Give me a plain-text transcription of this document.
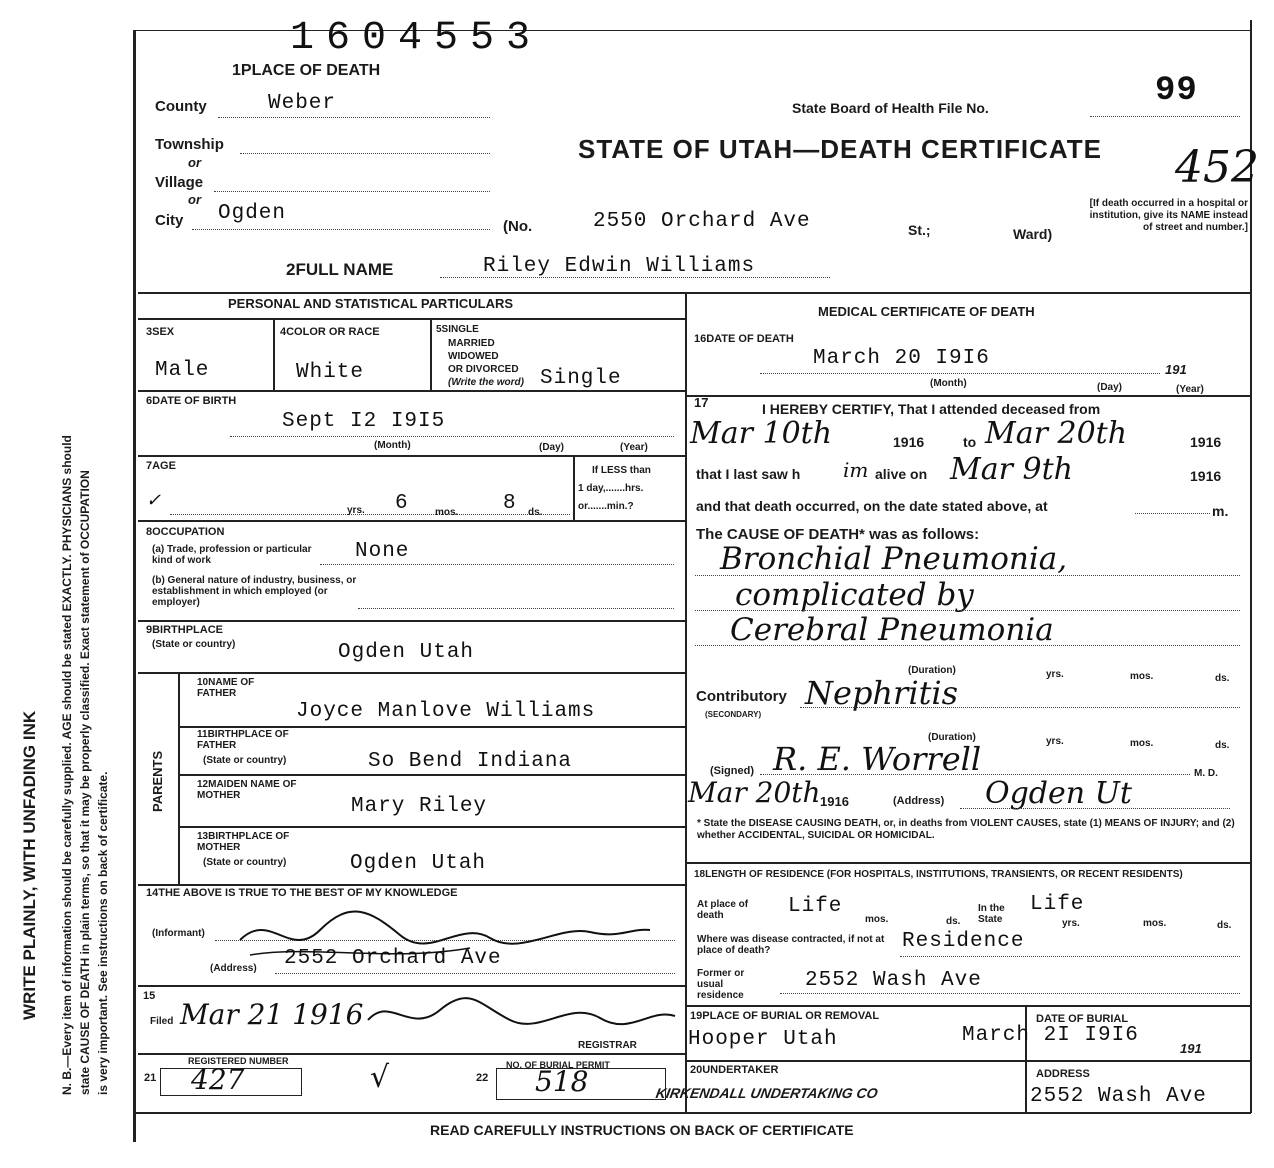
WRITE PLAINLY, WITH UNFADING INK N. B.—Every item of information should be carefully supplied. AGE should be stated EXACTLY. PHYSICIANS should state CAUSE OF DEATH in plain terms, so that it may be properly classified. Exact statement of OCCUPATION is very important. See instructions on back of certificate.
1604553
1PLACE OF DEATH
County	Weber
Township
or
Village
or
City Ogden
(No.	2550 Orchard Ave	St.;	Ward)
[If death occurred in a hospital or institution, give its NAME instead of street and number.]
State Board of Health File No.	99
452
STATE OF UTAH—DEATH CERTIFICATE
2FULL NAME	Riley Edwin Williams
PERSONAL AND STATISTICAL PARTICULARS
MEDICAL CERTIFICATE OF DEATH
3SEX
Male
4COLOR OR RACE
White
5SINGLE
MARRIED
WIDOWED
OR DIVORCED
(Write the word) Single
6DATE OF BIRTH
Sept I2 I9I5
(Month)	(Day)	(Year)
7AGE
✓	yrs. 6	mos. 8 ds.
If LESS than
1 day,.......hrs.
or.......min.?
8OCCUPATION
(a) Trade, profession or particular kind of work	None
(b) General nature of industry, business, or establishment in which employed (or employer)
9BIRTHPLACE
(State or country)	Ogden Utah
PARENTS
10NAME OF FATHER
Joyce Manlove Williams
11BIRTHPLACE OF FATHER
(State or country)	So Bend Indiana
12MAIDEN NAME OF MOTHER	Mary Riley
13BIRTHPLACE OF MOTHER
(State or country)	Ogden Utah
14THE ABOVE IS TRUE TO THE BEST OF MY KNOWLEDGE
(Informant)
(Address) 2552 Orchard Ave
15
Filed Mar 21 1916
REGISTRAR
REGISTERED NUMBER	NO. OF BURIAL PERMIT
21 427	√	22 518
16DATE OF DEATH
March 20 I9I6	191
(Month)	(Day)	(Year)
17	I HEREBY CERTIFY, That I attended deceased from
Mar 10th	1916	to Mar 20th	1916
that I last saw h im alive on Mar 9th	1916
and that death occurred, on the date stated above, at	m.
The CAUSE OF DEATH* was as follows:
Bronchial Pneumonia,
complicated by
Cerebral Pneumonia
(Duration)	yrs.	mos.	ds.
Contributory
(SECONDARY)
Nephritis
(Duration)	yrs.	mos.	ds.
(Signed) R. E. Worrell	M. D.
Mar 20th 1916	(Address) Ogden Ut
* State the DISEASE CAUSING DEATH, or, in deaths from VIOLENT CAUSES, state (1) MEANS OF INJURY; and (2) whether ACCIDENTAL, SUICIDAL OR HOMICIDAL.
18LENGTH OF RESIDENCE (FOR HOSPITALS, INSTITUTIONS, TRANSIENTS, OR RECENT RESIDENTS)
At place of death	Life
mos.	ds.
In the State
Life
yrs.	mos.	ds.
Where was disease contracted, if not at place of death?	Residence
Former or usual residence
2552 Wash Ave
19PLACE OF BURIAL OR REMOVAL
Hooper Utah
DATE OF BURIAL
March 2I I9I6
191
20UNDERTAKER
KIRKENDALL UNDERTAKING CO
ADDRESS
2552 Wash Ave
READ CAREFULLY INSTRUCTIONS ON BACK OF CERTIFICATE
